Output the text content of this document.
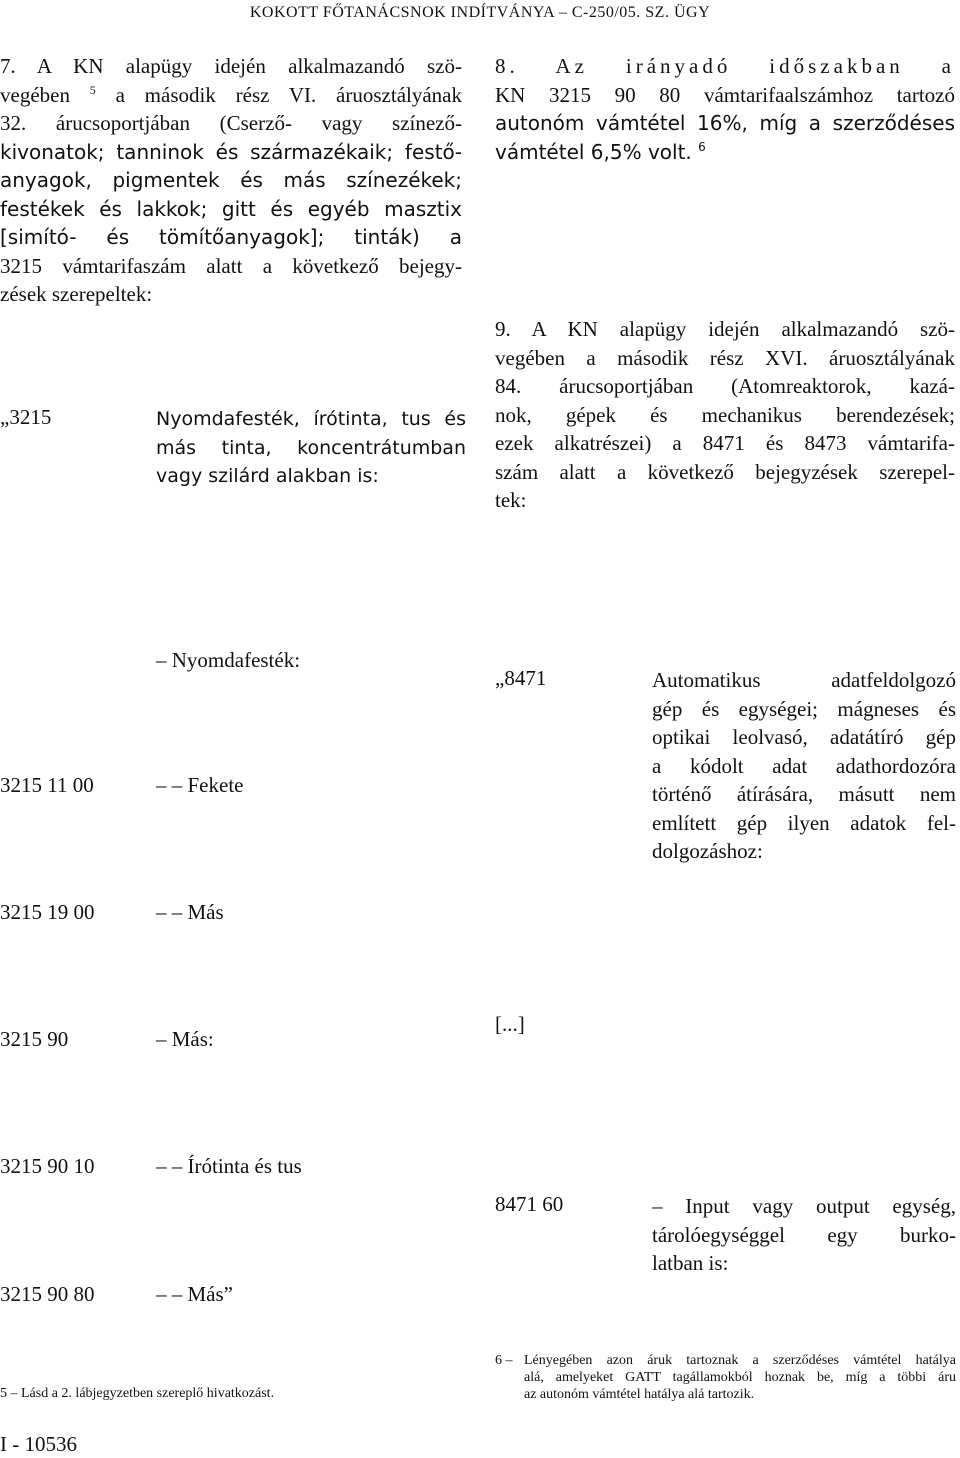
KOKOTT FŐTANÁCSNOK INDÍTVÁNYA – C-250/05. SZ. ÜGY
7. A KN alapügy idején alkalmazandó szö-
vegében $^5$ a második rész VI. áruosztályának
32. árucsoportjában (Cserző- vagy színező-
kivonatok; tanninok és származékaik; festő-
anyagok, pigmentek és más színezékek;
festékek és lakkok; gitt és egyéb masztix
[simító- és tömítőanyagok]; tinták) a
3215 vámtarifaszám alatt a következő bejegy-
zések szerepeltek:
„3215	Nyomdafesték, írótinta, tus és
más tinta, koncentrátumban
vagy szilárd alakban is:
– Nyomdafesték:
3215 11 00	– – Fekete
3215 19 00	– – Más
3215 90	– Más:
3215 90 10	– – Írótinta és tus
3215 90 80	– – Más”
5 – Lásd a 2. lábjegyzetben szereplő hivatkozást.
I - 10536
8. Az irányadó időszakban a
KN 3215 90 80 vámtarifaalszámhoz tartozó
autonóm vámtétel 16%, míg a szerződéses
vámtétel 6,5% volt. $^6$
9. A KN alapügy idején alkalmazandó szö-
vegében a második rész XVI. áruosztályának
84. árucsoportjában (Atomreaktorok, kazá-
nok, gépek és mechanikus berendezések;
ezek alkatrészei) a 8471 és 8473 vámtarifa-
szám alatt a következő bejegyzések szerepel-
tek:
„8471	Automatikus adatfeldolgozó
gép és egységei; mágneses és
optikai leolvasó, adatátíró gép
a kódolt adat adathordozóra
történő átírására, másutt nem
említett gép ilyen adatok fel-
dolgozáshoz:
[...]
8471 60	– Input vagy output egység,
tárolóegységgel egy burko-
latban is:
6 – Lényegében azon áruk tartoznak a szerződéses vámtétel hatálya
alá, amelyeket GATT tagállamokból hoznak be, míg a többi áru
az autonóm vámtétel hatálya alá tartozik.
